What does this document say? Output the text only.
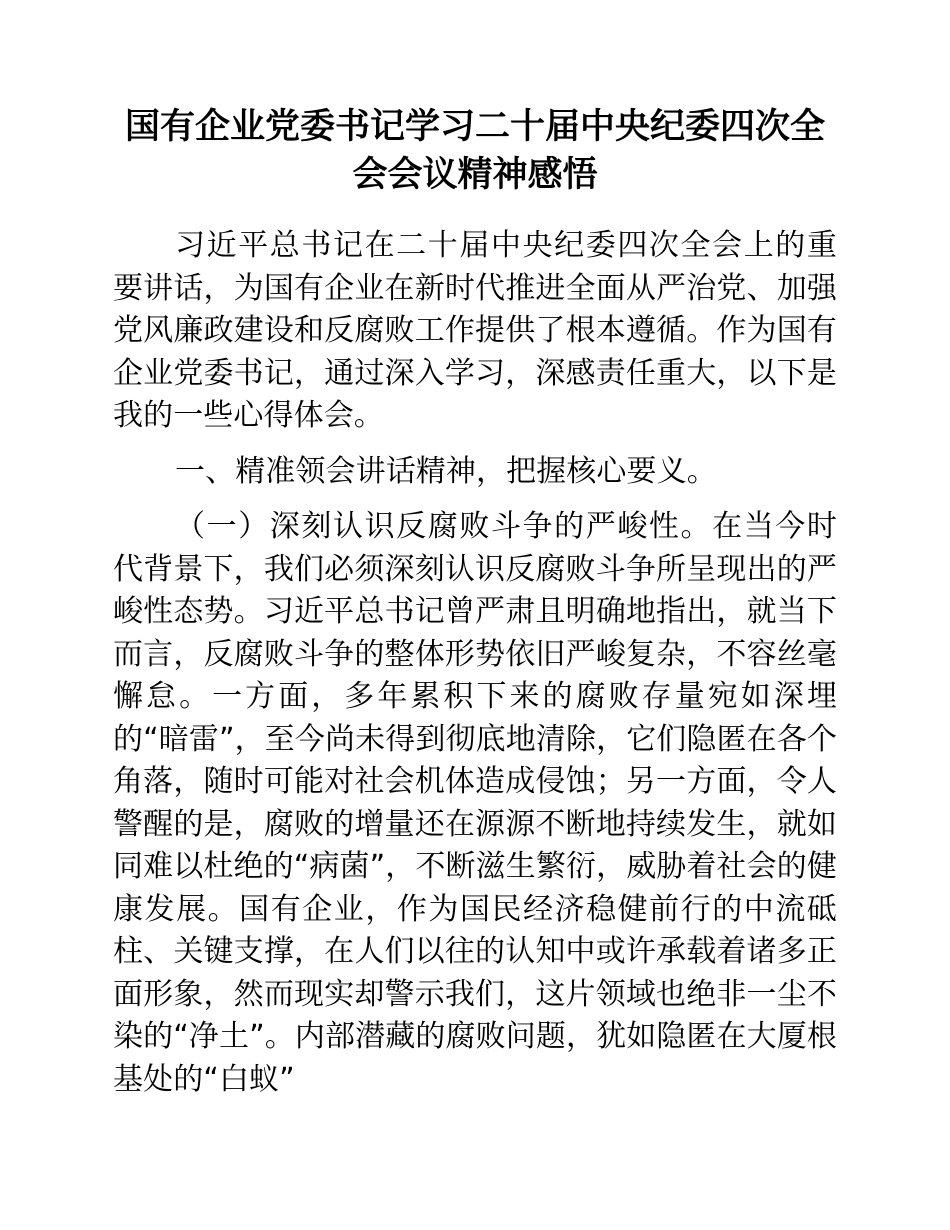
国有企业党委书记学习二十届中央纪委四次全会会议精神感悟

习近平总书记在二十届中央纪委四次全会上的重要讲话，为国有企业在新时代推进全面从严治党、加强党风廉政建设和反腐败工作提供了根本遵循。作为国有企业党委书记，通过深入学习，深感责任重大，以下是我的一些心得体会。

一、精准领会讲话精神，把握核心要义。

（一）深刻认识反腐败斗争的严峻性。在当今时代背景下，我们必须深刻认识反腐败斗争所呈现出的严峻性态势。习近平总书记曾严肃且明确地指出，就当下而言，反腐败斗争的整体形势依旧严峻复杂，不容丝毫懈怠。一方面，多年累积下来的腐败存量宛如深埋的“暗雷”，至今尚未得到彻底地清除，它们隐匿在各个角落，随时可能对社会机体造成侵蚀；另一方面，令人警醒的是，腐败的增量还在源源不断地持续发生，就如同难以杜绝的“病菌”，不断滋生繁衍，威胁着社会的健康发展。国有企业，作为国民经济稳健前行的中流砥柱、关键支撑，在人们以往的认知中或许承载着诸多正面形象，然而现实却警示我们，这片领域也绝非一尘不染的“净土”。内部潜藏的腐败问题，犹如隐匿在大厦根基处的“白蚁”
